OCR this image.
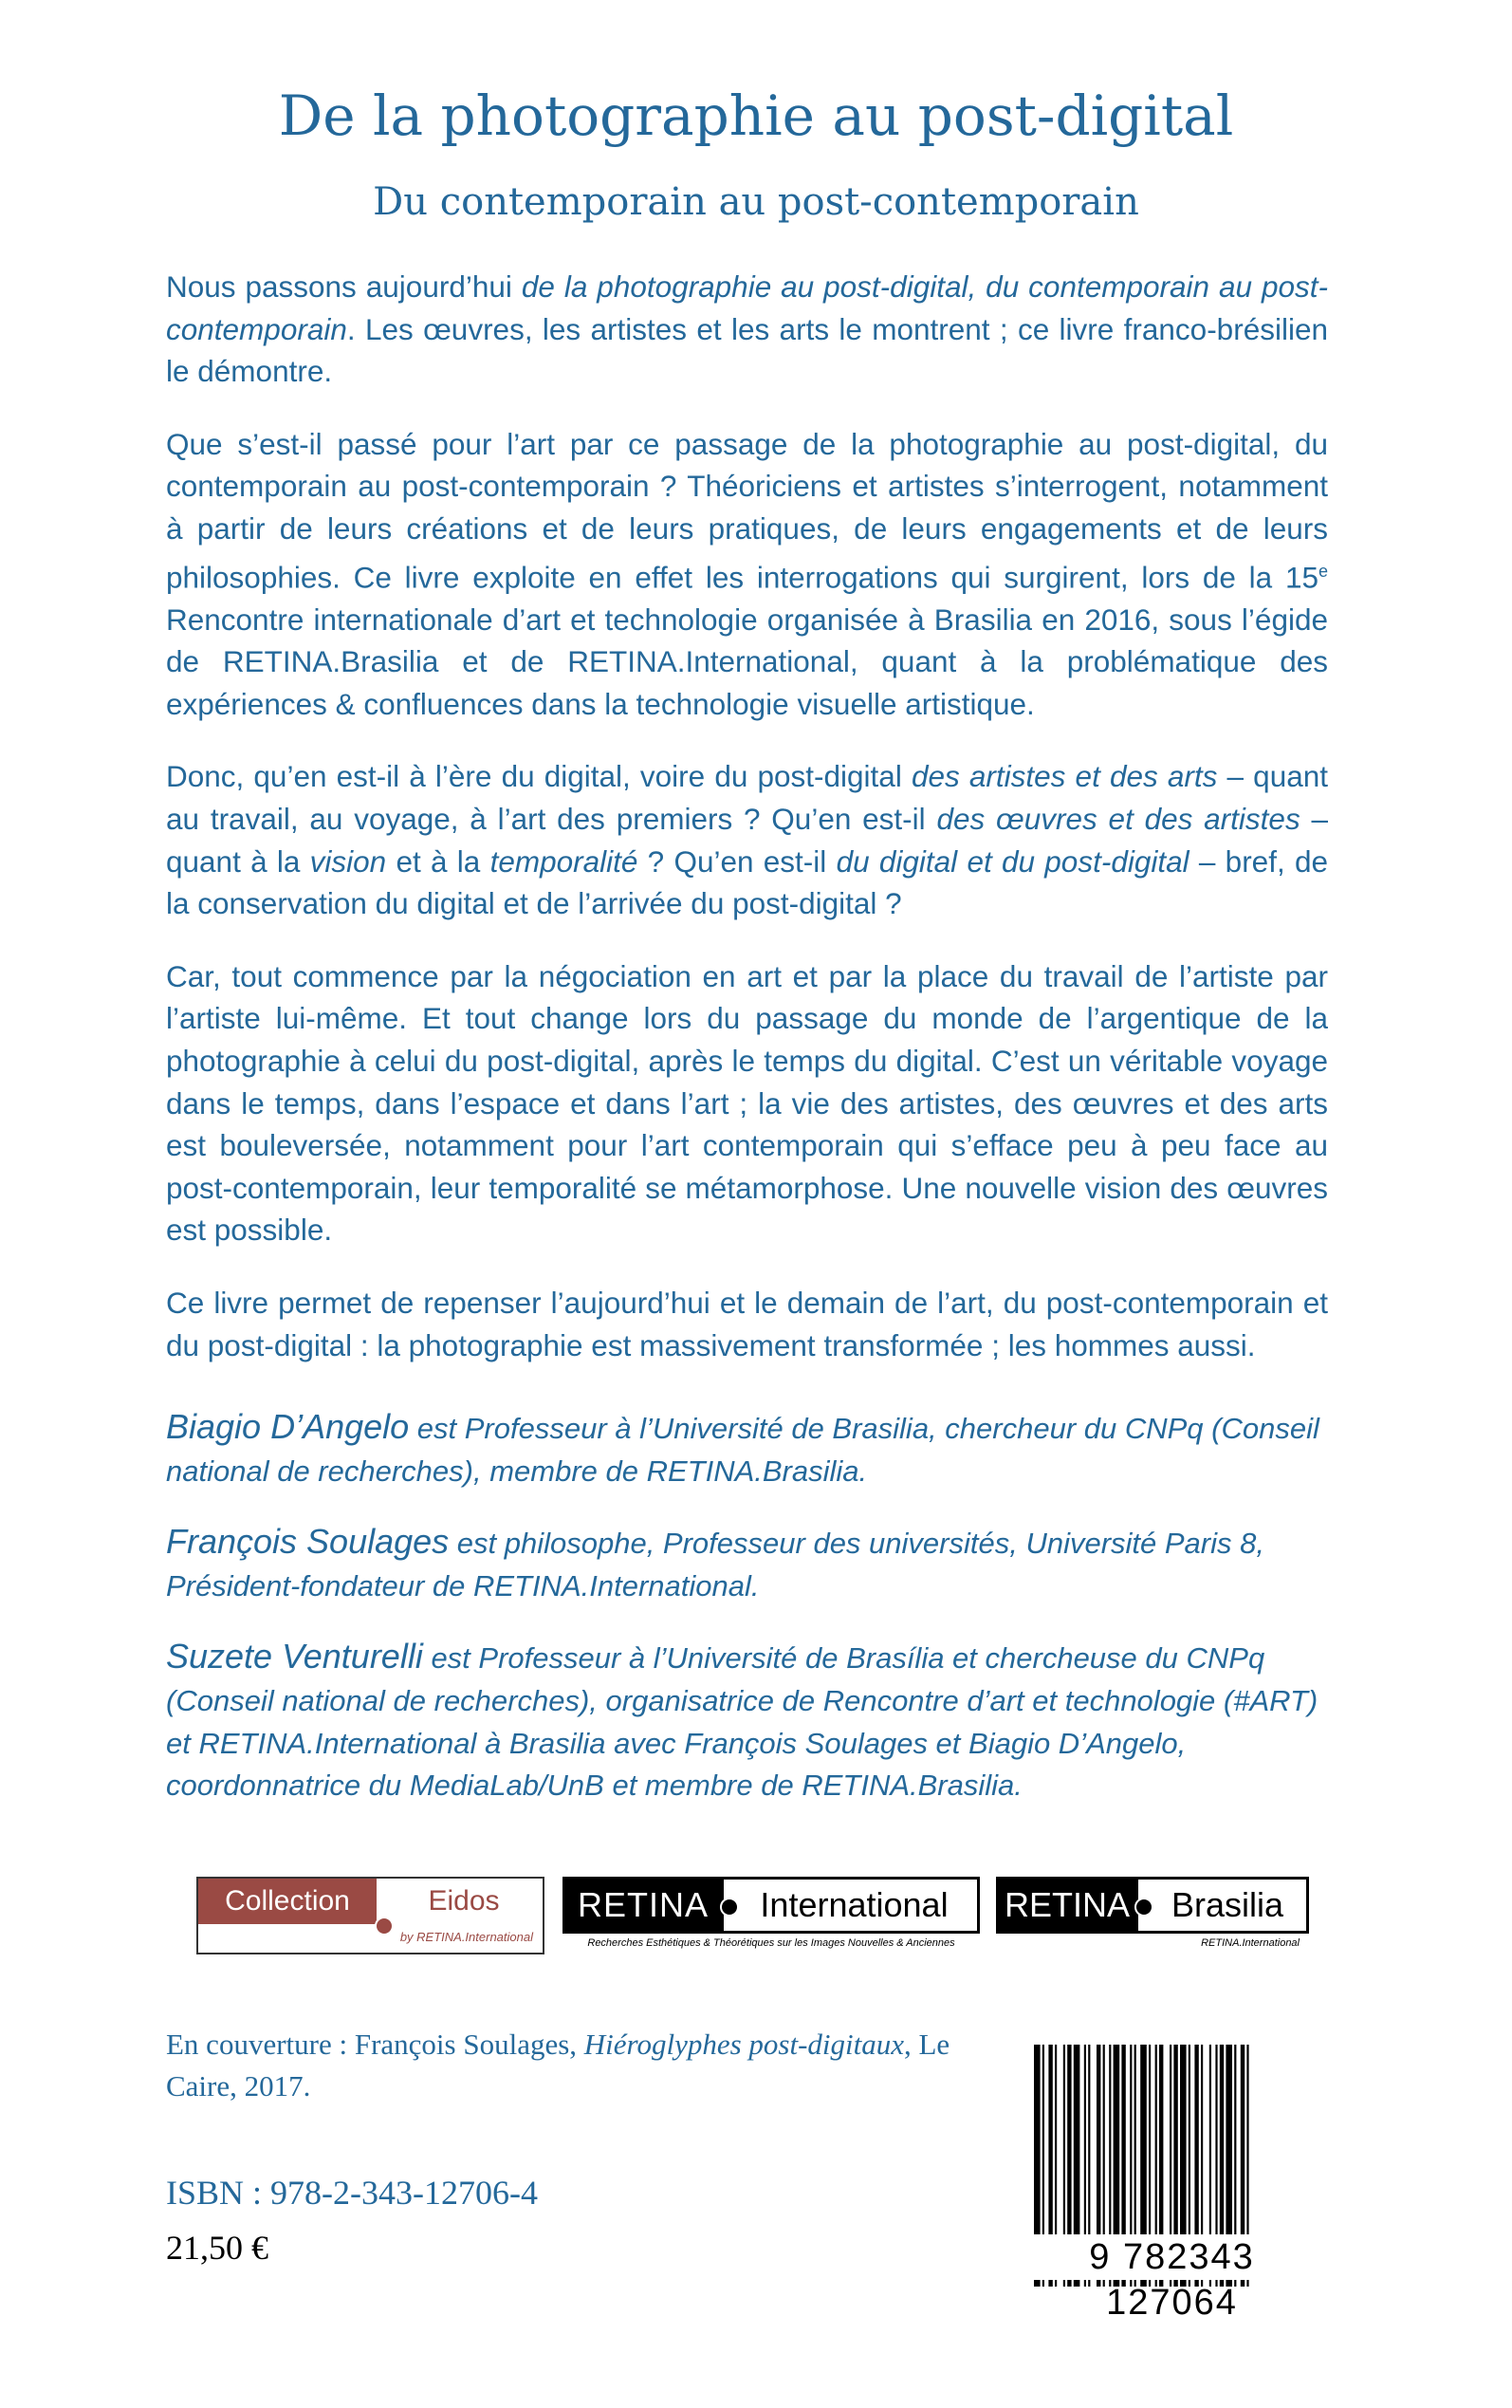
De la photographie au post-digital
Du contemporain au post-contemporain

Nous passons aujourd’hui de la photographie au post-digital, du contemporain au post-contemporain. Les œuvres, les artistes et les arts le montrent ; ce livre franco-brésilien le démontre.

Que s’est-il passé pour l’art par ce passage de la photographie au post-digital, du contemporain au post-contemporain ? Théoriciens et artistes s’interrogent, notamment à partir de leurs créations et de leurs pratiques, de leurs engagements et de leurs philosophies. Ce livre exploite en effet les interrogations qui surgirent, lors de la 15e Rencontre internationale d’art et technologie organisée à Brasilia en 2016, sous l’égide de RETINA.Brasilia et de RETINA.International, quant à la problématique des expériences & confluences dans la technologie visuelle artistique.

Donc, qu’en est-il à l’ère du digital, voire du post-digital des artistes et des arts – quant au travail, au voyage, à l’art des premiers ? Qu’en est-il des œuvres et des artistes – quant à la vision et à la temporalité ? Qu’en est-il du digital et du post-digital – bref, de la conservation du digital et de l’arrivée du post-digital ?

Car, tout commence par la négociation en art et par la place du travail de l’artiste par l’artiste lui-même. Et tout change lors du passage du monde de l’argentique de la photographie à celui du post-digital, après le temps du digital. C’est un véritable voyage dans le temps, dans l’espace et dans l’art ; la vie des artistes, des œuvres et des arts est bouleversée, notamment pour l’art contemporain qui s’efface peu à peu face au post-contemporain, leur temporalité se métamorphose. Une nouvelle vision des œuvres est possible.

Ce livre permet de repenser l’aujourd’hui et le demain de l’art, du post-contemporain et du post-digital : la photographie est massivement transformée ; les hommes aussi.

Biagio D’Angelo est Professeur à l’Université de Brasilia, chercheur du CNPq (Conseil national de recherches), membre de RETINA.Brasilia.

François Soulages est philosophe, Professeur des universités, Université Paris 8, Président-fondateur de RETINA.International.

Suzete Venturelli est Professeur à l’Université de Brasília et chercheuse du CNPq (Conseil national de recherches), organisatrice de Rencontre d’art et technologie (#ART) et RETINA.International à Brasilia avec François Soulages et Biagio D’Angelo, coordonnatrice du MediaLab/UnB et membre de RETINA.Brasilia.

Collection	Eidos
by RETINA.International
RETINA	International
Recherches Esthétiques & Théorétiques sur les Images Nouvelles & Anciennes
RETINA	Brasilia
RETINA.International
En couverture : François Soulages, Hiéroglyphes post-digitaux, Le Caire, 2017.
ISBN : 978-2-343-12706-4
21,50 €	9 782343 127064
